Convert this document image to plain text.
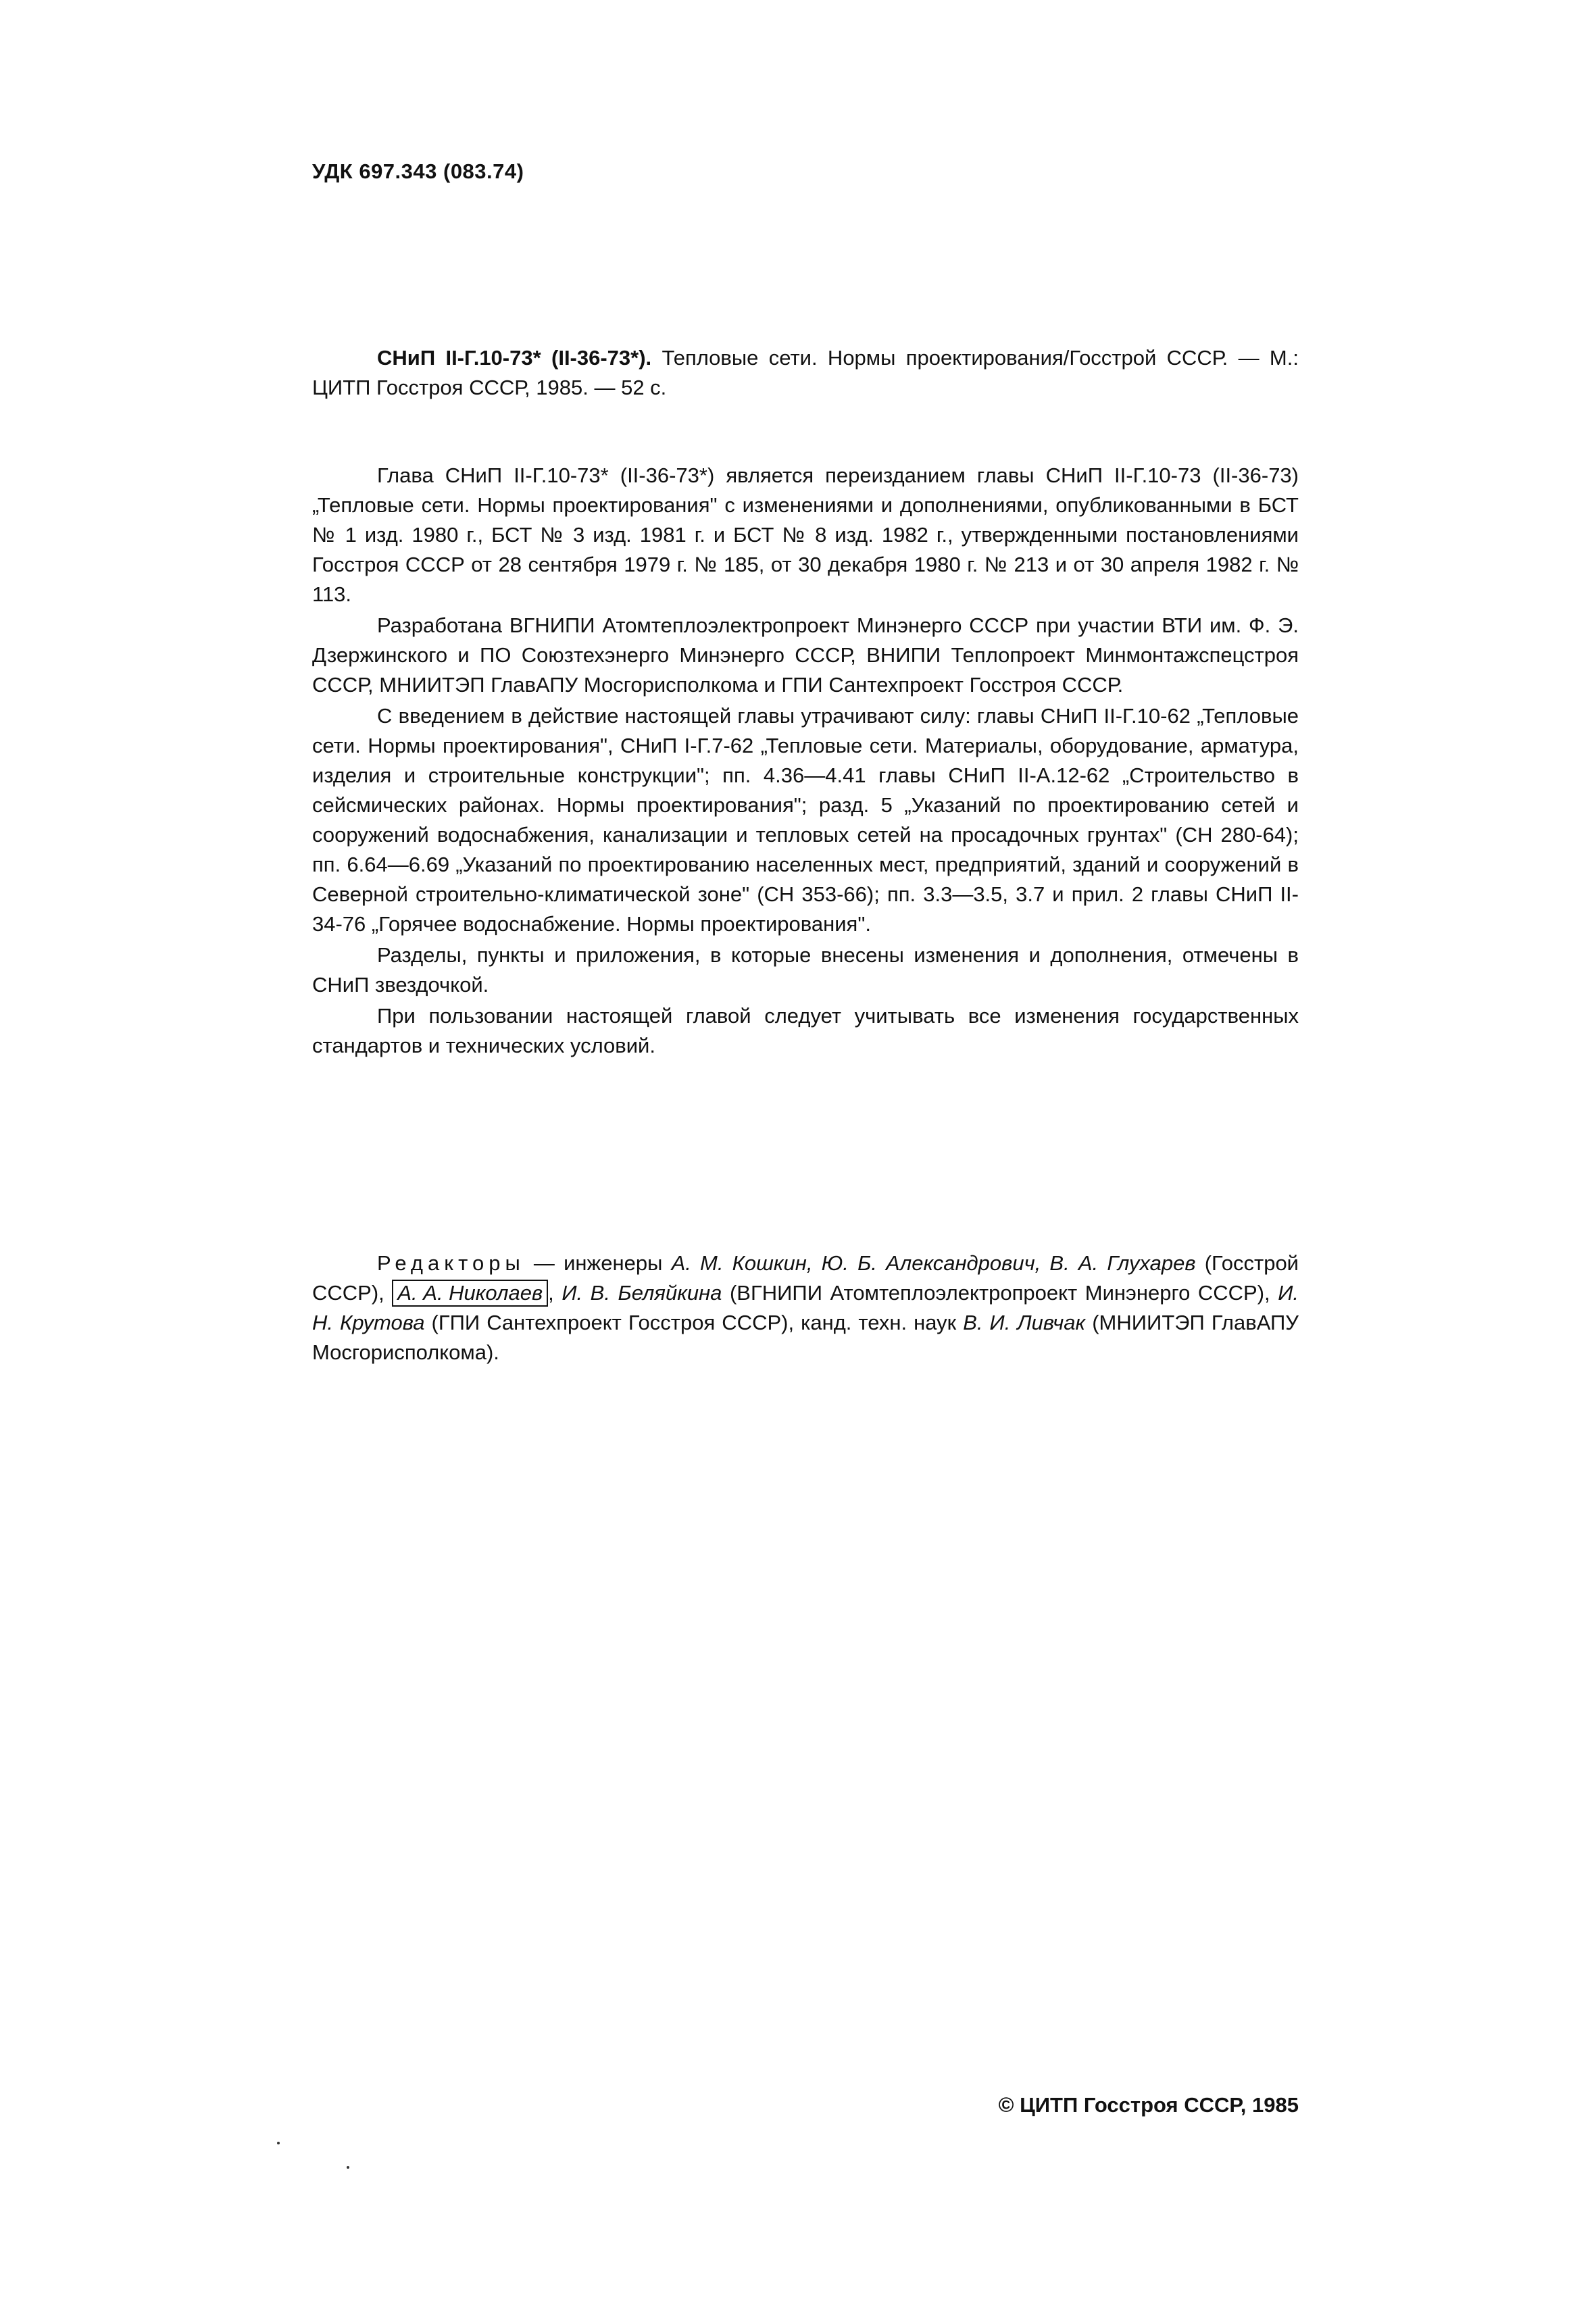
УДК 697.343 (083.74)
СНиП II-Г.10-73* (II-36-73*). Тепловые сети. Нормы проектирования/Госстрой СССР. — М.: ЦИТП Госстроя СССР, 1985. — 52 с.

Глава СНиП II-Г.10-73* (II-36-73*) является переизданием главы СНиП II-Г.10-73 (II-36-73) „Тепловые сети. Нормы проектирования" с изменениями и дополнениями, опубликованными в БСТ № 1 изд. 1980 г., БСТ № 3 изд. 1981 г. и БСТ № 8 изд. 1982 г., утвержденными постановлениями Госстроя СССР от 28 сентября 1979 г. № 185, от 30 декабря 1980 г. № 213 и от 30 апреля 1982 г. № 113.

Разработана ВГНИПИ Атомтеплоэлектропроект Минэнерго СССР при участии ВТИ им. Ф. Э. Дзержинского и ПО Союзтехэнерго Минэнерго СССР, ВНИПИ Теплопроект Минмонтажспецстроя СССР, МНИИТЭП ГлавАПУ Мосгорисполкома и ГПИ Сантехпроект Госстроя СССР.

С введением в действие настоящей главы утрачивают силу: главы СНиП II-Г.10-62 „Тепловые сети. Нормы проектирования", СНиП I-Г.7-62 „Тепловые сети. Материалы, оборудование, арматура, изделия и строительные конструкции"; пп. 4.36—4.41 главы СНиП II-А.12-62 „Строительство в сейсмических районах. Нормы проектирования"; разд. 5 „Указаний по проектированию сетей и сооружений водоснабжения, канализации и тепловых сетей на просадочных грунтах" (СН 280-64); пп. 6.64—6.69 „Указаний по проектированию населенных мест, предприятий, зданий и сооружений в Северной строительно-климатической зоне" (СН 353-66); пп. 3.3—3.5, 3.7 и прил. 2 главы СНиП II-34-76 „Горячее водоснабжение. Нормы проектирования".

Разделы, пункты и приложения, в которые внесены изменения и дополнения, отмечены в СНиП звездочкой.

При пользовании настоящей главой следует учитывать все изменения государственных стандартов и технических условий.

Редакторы — инженеры А. М. Кошкин, Ю. Б. Александрович, В. А. Глухарев (Госстрой СССР), А. А. Николаев , И. В. Беляйкина (ВГНИПИ Атомтеплоэлектропроект Минэнерго СССР), И. Н. Крутова (ГПИ Сантехпроект Госстроя СССР), канд. техн. наук В. И. Ливчак (МНИИТЭП ГлавАПУ Мосгорисполкома).
© ЦИТП Госстроя СССР, 1985
